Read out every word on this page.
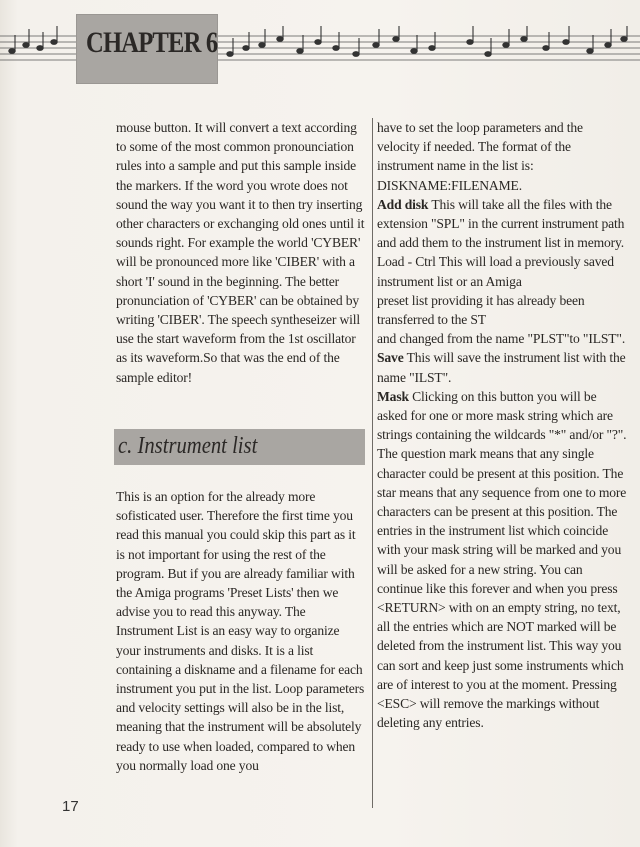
CHAPTER 6

mouse button. It will convert a text according to some of the most common pronounciation rules into a sample and put this sample inside the markers. If the word you wrote does not sound the way you want it to then try inserting other characters or exchanging old ones until it sounds right. For example the world 'CYBER' will be pronounced more like 'CIBER' with a short 'I' sound in the beginning. The better pronunciation of 'CYBER' can be obtained by writing 'CIBER'. The speech syntheseizer will use the start waveform from the 1st oscillator as its waveform.So that was the end of the sample editor!

c. Instrument list

This is an option for the already more sofisticated user. Therefore the first time you read this manual you could skip this part as it is not important for using the rest of the program. But if you are already familiar with the Amiga programs 'Preset Lists' then we advise you to read this anyway. The Instrument List is an easy way to organize your instruments and disks. It is a list containing a diskname and a filename for each instrument you put in the list. Loop parameters and velocity settings will also be in the list, meaning that the instrument will be absolutely ready to use when loaded, compared to when you normally load one you

have to set the loop parameters and the velocity if needed. The format of the instrument name in the list is:

DISKNAME:FILENAME.

Add disk This will take all the files with the extension "SPL" in the current instrument path and add them to the instrument list in memory.

Load - Ctrl This will load a previously saved instrument list or an Amiga

preset list providing it has already been transferred to the ST

and changed from the name "PLST"to "ILST".

Save This will save the instrument list with the name "ILST".

Mask Clicking on this button you will be asked for one or more mask string which are strings containing the wildcards "*" and/or "?". The question mark means that any single character could be present at this position. The star means that any sequence from one to more characters can be present at this position. The entries in the instrument list which coincide with your mask string will be marked and you will be asked for a new string. You can continue like this forever and when you press <RETURN> with on an empty string, no text, all the entries which are NOT marked will be deleted from the instrument list. This way you can sort and keep just some instruments which are of interest to you at the moment. Pressing <ESC> will remove the markings without deleting any entries.

17
